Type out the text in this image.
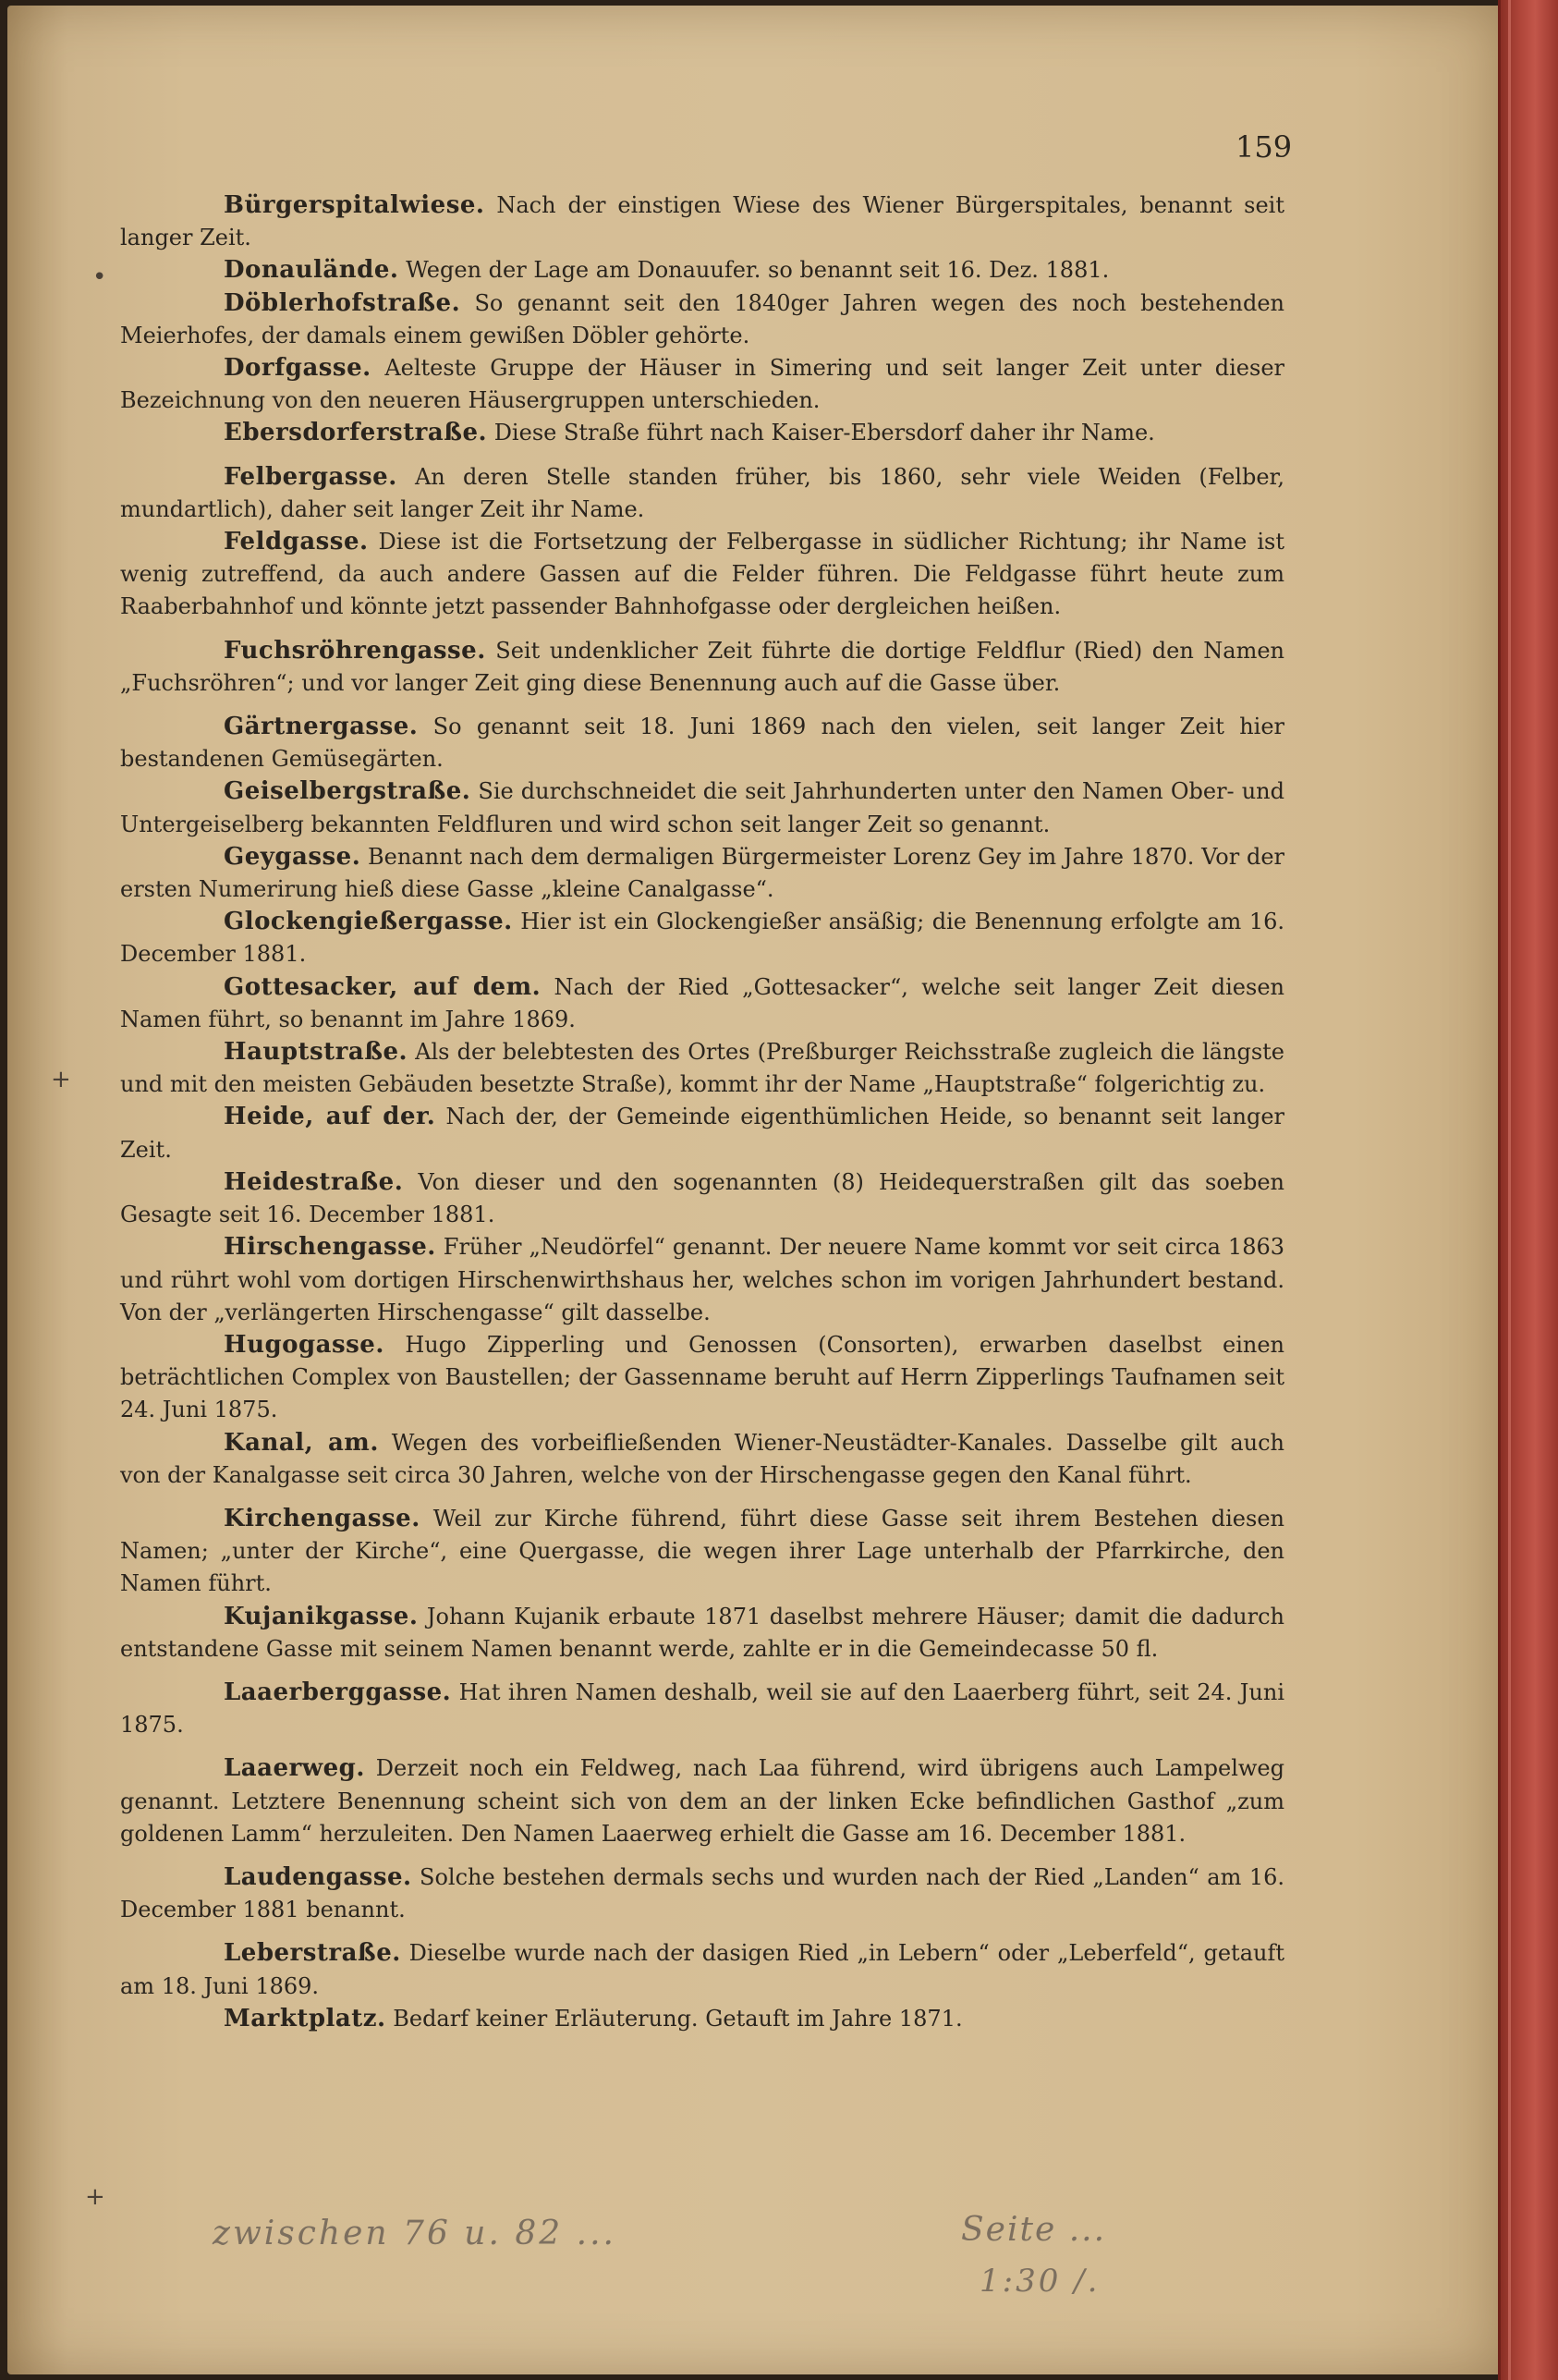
159
•
+
+

Bürgerspitalwiese. Nach der einstigen Wiese des Wiener Bürgerspitales, benannt seit langer Zeit.

Donaulände. Wegen der Lage am Donauufer. so benannt seit 16. Dez. 1881.

Döblerhofstraße. So genannt seit den 1840ger Jahren wegen des noch bestehenden Meierhofes, der damals einem gewißen Döbler gehörte.

Dorfgasse. Aelteste Gruppe der Häuser in Simering und seit langer Zeit unter dieser Bezeichnung von den neueren Häusergruppen unterschieden.

Ebersdorferstraße. Diese Straße führt nach Kaiser-Ebersdorf daher ihr Name.

Felbergasse. An deren Stelle standen früher, bis 1860, sehr viele Weiden (Felber, mundartlich), daher seit langer Zeit ihr Name.

Feldgasse. Diese ist die Fortsetzung der Felbergasse in südlicher Richtung; ihr Name ist wenig zutreffend, da auch andere Gassen auf die Felder führen. Die Feldgasse führt heute zum Raaberbahnhof und könnte jetzt passender Bahnhofgasse oder dergleichen heißen.

Fuchsröhrengasse. Seit undenklicher Zeit führte die dortige Feldflur (Ried) den Namen „Fuchsröhren“; und vor langer Zeit ging diese Benennung auch auf die Gasse über.

Gärtnergasse. So genannt seit 18. Juni 1869 nach den vielen, seit langer Zeit hier bestandenen Gemüsegärten.

Geiselbergstraße. Sie durchschneidet die seit Jahrhunderten unter den Namen Ober- und Untergeiselberg bekannten Feldfluren und wird schon seit langer Zeit so genannt.

Geygasse. Benannt nach dem dermaligen Bürgermeister Lorenz Gey im Jahre 1870. Vor der ersten Numerirung hieß diese Gasse „kleine Canalgasse“.

Glockengießergasse. Hier ist ein Glockengießer ansäßig; die Benennung erfolgte am 16. December 1881.

Gottesacker, auf dem. Nach der Ried „Gottesacker“, welche seit langer Zeit diesen Namen führt, so benannt im Jahre 1869.

Hauptstraße. Als der belebtesten des Ortes (Preßburger Reichsstraße zugleich die längste und mit den meisten Gebäuden besetzte Straße), kommt ihr der Name „Hauptstraße“ folgerichtig zu.

Heide, auf der. Nach der, der Gemeinde eigenthümlichen Heide, so benannt seit langer Zeit.

Heidestraße. Von dieser und den sogenannten (8) Heidequerstraßen gilt das soeben Gesagte seit 16. December 1881.

Hirschengasse. Früher „Neudörfel“ genannt. Der neuere Name kommt vor seit circa 1863 und rührt wohl vom dortigen Hirschenwirthshaus her, welches schon im vorigen Jahrhundert bestand. Von der „verlängerten Hirschengasse“ gilt dasselbe.

Hugogasse. Hugo Zipperling und Genossen (Consorten), erwarben daselbst einen beträchtlichen Complex von Baustellen; der Gassenname beruht auf Herrn Zipperlings Taufnamen seit 24. Juni 1875.

Kanal, am. Wegen des vorbeifließenden Wiener-Neustädter-Kanales. Dasselbe gilt auch von der Kanalgasse seit circa 30 Jahren, welche von der Hirschengasse gegen den Kanal führt.

Kirchengasse. Weil zur Kirche führend, führt diese Gasse seit ihrem Bestehen diesen Namen; „unter der Kirche“, eine Quergasse, die wegen ihrer Lage unterhalb der Pfarrkirche, den Namen führt.

Kujanikgasse. Johann Kujanik erbaute 1871 daselbst mehrere Häuser; damit die dadurch entstandene Gasse mit seinem Namen benannt werde, zahlte er in die Gemeindecasse 50 fl.

Laaerberggasse. Hat ihren Namen deshalb, weil sie auf den Laaerberg führt, seit 24. Juni 1875.

Laaerweg. Derzeit noch ein Feldweg, nach Laa führend, wird übrigens auch Lampelweg genannt. Letztere Benennung scheint sich von dem an der linken Ecke befindlichen Gasthof „zum goldenen Lamm“ herzuleiten. Den Namen Laaerweg erhielt die Gasse am 16. December 1881.

Laudengasse. Solche bestehen dermals sechs und wurden nach der Ried „Landen“ am 16. December 1881 benannt.

Leberstraße. Dieselbe wurde nach der dasigen Ried „in Lebern“ oder „Leberfeld“, getauft am 18. Juni 1869.

Marktplatz. Bedarf keiner Erläuterung. Getauft im Jahre 1871.

zwischen 76 u. 82 ...	Seite ...
1:30 /.
